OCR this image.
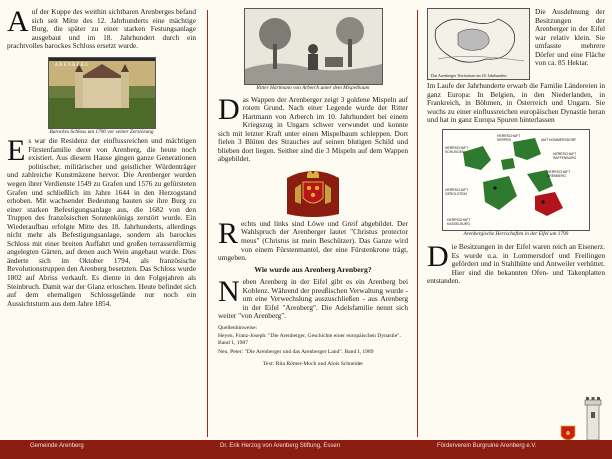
Auf der Kuppe des weithin sichtbaren Arenberges befand sich seit Mitte des 12. Jahrhunderts eine mächtige Burg, die später zu einer starken Festungsanlage ausgebaut und im 18. Jahrhundert durch ein prachtvolles barockes Schloss ersetzt wurde.

ARENBERG

Barockes Schloss um 1700 vor seiner Zerstörung

Es war die Residenz der einflussreichen und mächtigen Fürstenfamilie derer von Arenberg, die heute noch existiert. Aus diesem Hause gingen ganze Generationen politischer, militärischer und geistlicher Würdenträger und zahlreiche Kunstmäzene hervor. Die Arenberger wurden wegen ihrer Verdienste 1549 zu Grafen und 1576 zu gefürsteten Grafen und schließlich im Jahre 1644 in den Herzogstand erhoben. Mit wachsender Bedeutung bauten sie ihre Burg zu einer starken Befestigungsanlage aus, die 1682 von den Truppen des französischen Sonnenkönigs zerstört wurde. Ein Wiederaufbau erfolgte Mitte des 18. Jahrhunderts, allerdings nicht mehr als Befestigungsanlage, sondern als barockes Schloss mit einer breiten Auffahrt und großen terrassenförmig angelegten Gärten, auf denen auch Wein angebaut wurde. Dies änderte sich im Oktober 1794, als französische Revolutionstruppen den Arenberg besetzten. Das Schloss wurde 1802 auf Abriss verkauft. Es diente in den Folgejahren als Steinbruch. Damit war der Glanz erloschen. Heute befindet sich auf dem ehemaligen Schlossgelände nur noch ein Aussichtsturm aus dem Jahre 1854.

Ritter Hartmann von Arberch unter dem Mispelbaum

Das Wappen der Arenberger zeigt 3 goldene Mispeln auf rotem Grund. Nach einer Legende wurde der Ritter Hartmann von Arberch im 10. Jahrhundert bei einem Kriegszug in Ungarn schwer verwundet und konnte sich mit letzter Kraft unter einen Mispelbaum schleppen. Dort fielen 3 Blüten des Strauches auf seinen blutigen Schild und blieben dort liegen. Seither sind die 3 Mispeln auf dem Wappen abgebildet.

Rechts und links sind Löwe und Greif abgebildet. Der Wahlspruch der Arenberger lautet "Christus protector meus" (Christus ist mein Beschützer). Das Ganze wird von einem Fürstenmantel, der eine Fürstenkrone trägt, umgeben.

Wie wurde aus Arenberg Arenberg?

Neben Arenberg in der Eifel gibt es ein Arenberg bei Koblenz. Während der preußischen Verwaltung wurde - um eine Verwechslung auszuschließen - aus Arenberg in der Eifel "Arenberg". Die Adelsfamilie nennt sich weiter "von Arenberg".

Quellenhinweise:

Heyen, Franz-Joseph: "Die Arenberger, Geschichte einer europäischen Dynastie". Band 1, 1987

Neu, Peter: "Die Arenberger und das Arenberger Land". Band I, 1989

Text: Rita Römer-Moch und Alois Schneider

Das Arenberger Territorium im 18. Jahrhundert

Die Ausdehnung der Besitzungen der Arenberger in der Eifel war relativ klein. Sie umfasste mehrere Dörfer und eine Fläche von ca. 85 Hektar.

Im Laufe der Jahrhunderte erwarb die Familie Ländereien in ganz Europa: In Belgien, in den Niederlanden, in Frankreich, in Böhmen, in Österreich und Ungarn. Sie wuchs zu einer einflussreichen europäischen Dynastie heran und hat in ganz Europa Spuren hinterlassen

HERRSCHAFT SCHLEIDEN
HERRSCHAFT KERPEN	AMT HOMMERSDORF
HERRSCHAFT GEROLSTEIN
HERRSCHAFT ARENBERG
HERRSCHAFT SAFFENBURG
HERRSCHAFT KASSELBURG

Arenbergische Herrschaften in der Eifel um 1790

Die Besitzungen in der Eifel waren reich an Eisenerz. Es wurde u.a. in Lommersdorf und Freilingen gefördert und in Stahlhütte und Antweiler verhüttet. Hier sind die bekannten Ofen- und Takenplatten entstanden.

Gemeinde Arenberg	Dr. Erik Herzog von Arenberg Stiftung, Essen	Förderverein Burgruine Arenberg e.V.
